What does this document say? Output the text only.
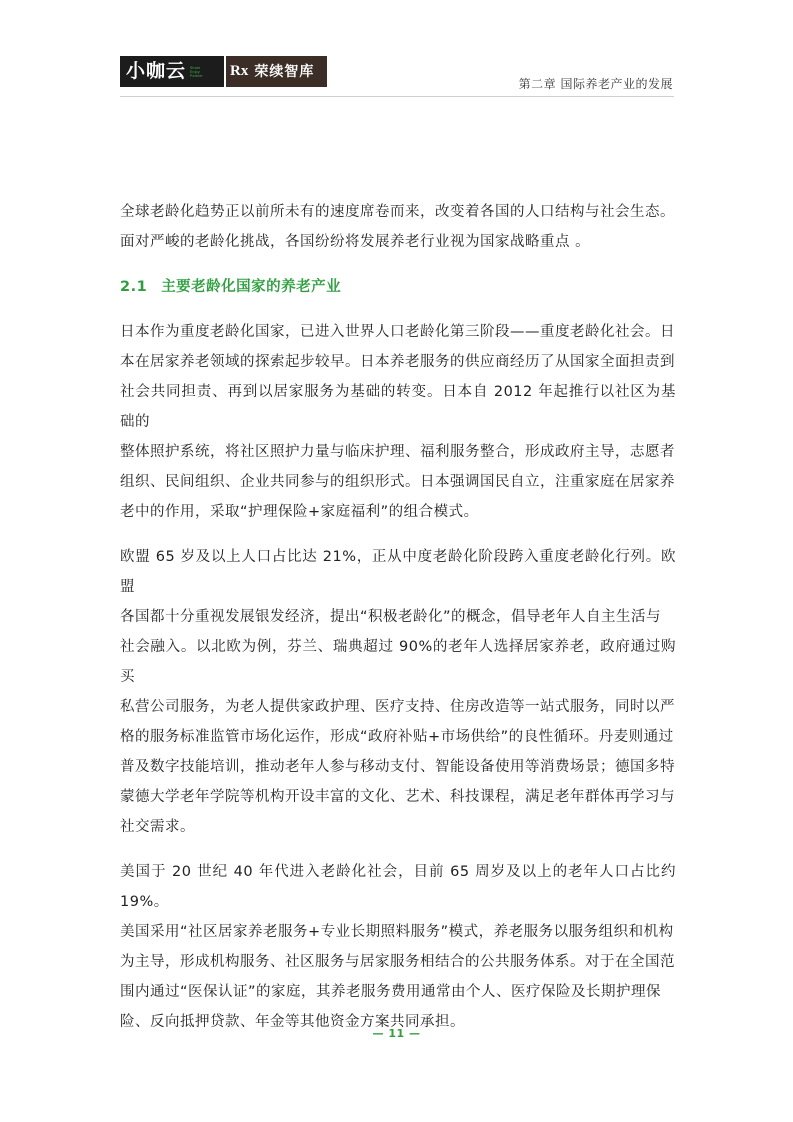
小咖云 Share
Enjoy
Partner Rx 荣续智库
第二章 国际养老产业的发展

全球老龄化趋势正以前所未有的速度席卷而来，改变着各国的人口结构与社会生态。

面对严峻的老龄化挑战，各国纷纷将发展养老行业视为国家战略重点 。

2.1 主要老龄化国家的养老产业

日本作为重度老龄化国家，已进入世界人口老龄化第三阶段——重度老龄化社会。日

本在居家养老领域的探索起步较早。日本养老服务的供应商经历了从国家全面担责到

社会共同担责、再到以居家服务为基础的转变。日本自 2012 年起推行以社区为基础的

整体照护系统，将社区照护力量与临床护理、福利服务整合，形成政府主导，志愿者

组织、民间组织、企业共同参与的组织形式。日本强调国民自立，注重家庭在居家养

老中的作用，采取“护理保险+家庭福利”的组合模式。

欧盟 65 岁及以上人口占比达 21%，正从中度老龄化阶段跨入重度老龄化行列。欧盟

各国都十分重视发展银发经济，提出“积极老龄化”的概念，倡导老年人自主生活与

社会融入。以北欧为例，芬兰、瑞典超过 90%的老年人选择居家养老，政府通过购买

私营公司服务，为老人提供家政护理、医疗支持、住房改造等一站式服务，同时以严

格的服务标准监管市场化运作，形成“政府补贴+市场供给”的良性循环。丹麦则通过

普及数字技能培训，推动老年人参与移动支付、智能设备使用等消费场景；德国多特

蒙德大学老年学院等机构开设丰富的文化、艺术、科技课程，满足老年群体再学习与

社交需求。

美国于 20 世纪 40 年代进入老龄化社会，目前 65 周岁及以上的老年人口占比约 19%。

美国采用“社区居家养老服务+专业长期照料服务”模式，养老服务以服务组织和机构

为主导，形成机构服务、社区服务与居家服务相结合的公共服务体系。对于在全国范

围内通过“医保认证”的家庭，其养老服务费用通常由个人、医疗保险及长期护理保

险、反向抵押贷款、年金等其他资金方案共同承担。

— 11 —
